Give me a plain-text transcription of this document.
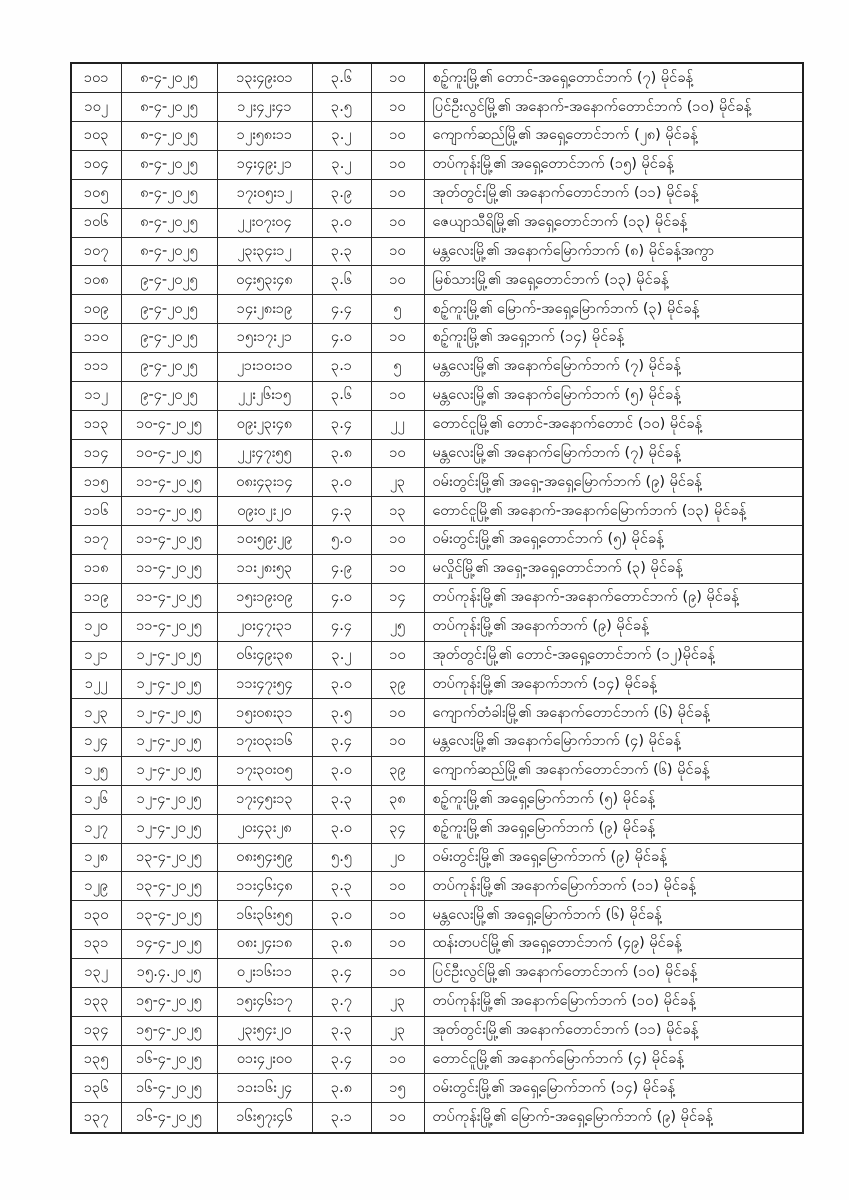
၁၀၁	၈-၄-၂၀၂၅	၁၃း၄၉း၀၁	၃.၆	၁၀	စဉ့်ကူးမြို့၏ တောင်-အရှေ့တောင်ဘက် (၇) မိုင်ခန့်
၁၀၂	၈-၄-၂၀၂၅	၁၂း၄၂း၄၁	၃.၅	၁၀	ပြင်ဦးလွင်မြို့၏ အနောက်-အနောက်တောင်ဘက် (၁၀) မိုင်ခန့်
၁၀၃	၈-၄-၂၀၂၅	၁၂း၅၈း၁၁	၃.၂	၁၀	ကျောက်ဆည်မြို့၏ အရှေ့တောင်ဘက် (၂၈) မိုင်ခန့်
၁၀၄	၈-၄-၂၀၂၅	၁၄း၄၉း၂၁	၃.၂	၁၀	တပ်ကုန်းမြို့၏ အရှေ့တောင်ဘက် (၁၅) မိုင်ခန့်
၁၀၅	၈-၄-၂၀၂၅	၁၇း၀၅း၁၂	၃.၉	၁၀	အုတ်တွင်းမြို့၏ အနောက်တောင်ဘက် (၁၁) မိုင်ခန့်
၁၀၆	၈-၄-၂၀၂၅	၂၂း၀၇း၀၄	၃.၀	၁၀	ဇေယျာသီရိမြို့၏ အရှေ့တောင်ဘက် (၁၃) မိုင်ခန့်
၁၀၇	၈-၄-၂၀၂၅	၂၃း၃၄း၁၂	၃.၃	၁၀	မန္တလေးမြို့၏ အနောက်မြောက်ဘက် (၈) မိုင်ခန့်အကွာ
၁၀၈	၉-၄-၂၀၂၅	၀၄း၅၃း၄၈	၃.၆	၁၀	မြစ်သားမြို့၏ အရှေ့တောင်ဘက် (၁၃) မိုင်ခန့်
၁၀၉	၉-၄-၂၀၂၅	၁၄း၂၈း၁၉	၄.၄	၅	စဉ့်ကူးမြို့၏ မြောက်-အရှေ့မြောက်ဘက် (၃) မိုင်ခန့်
၁၁၀	၉-၄-၂၀၂၅	၁၅း၁၇း၂၁	၄.၀	၁၀	စဉ့်ကူးမြို့၏ အရှေ့ဘက် (၁၄) မိုင်ခန့်
၁၁၁	၉-၄-၂၀၂၅	၂၁း၁၀း၁၀	၃.၁	၅	မန္တလေးမြို့၏ အနောက်မြောက်ဘက် (၇) မိုင်ခန့်
၁၁၂	၉-၄-၂၀၂၅	၂၂း၂၆း၁၅	၃.၆	၁၀	မန္တလေးမြို့၏ အနောက်မြောက်ဘက် (၅) မိုင်ခန့်
၁၁၃	၁၀-၄-၂၀၂၅	၀၉း၂၃း၄၈	၃.၄	၂၂	တောင်ငူမြို့၏ တောင်-အနောက်တောင် (၁၀) မိုင်ခန့်
၁၁၄	၁၀-၄-၂၀၂၅	၂၂း၄၇း၅၅	၃.၈	၁၀	မန္တလေးမြို့၏ အနောက်မြောက်ဘက် (၇) မိုင်ခန့်
၁၁၅	၁၁-၄-၂၀၂၅	၀၈း၄၃း၁၄	၃.၀	၂၃	ဝမ်းတွင်းမြို့၏ အရှေ့-အရှေ့မြောက်ဘက် (၉) မိုင်ခန့်
၁၁၆	၁၁-၄-၂၀၂၅	၀၉း၀၂း၂၀	၄.၃	၁၃	တောင်ငူမြို့၏ အနောက်-အနောက်မြောက်ဘက် (၁၃) မိုင်ခန့်
၁၁၇	၁၁-၄-၂၀၂၅	၁၀း၅၉း၂၉	၅.၀	၁၀	ဝမ်းတွင်းမြို့၏ အရှေ့တောင်ဘက် (၅) မိုင်ခန့်
၁၁၈	၁၁-၄-၂၀၂၅	၁၁း၂၈း၅၃	၄.၉	၁၀	မလှိုင်မြို့၏ အရှေ့-အရှေ့တောင်ဘက် (၃) မိုင်ခန့်
၁၁၉	၁၁-၄-၂၀၂၅	၁၅း၁၉း၀၉	၄.၀	၁၄	တပ်ကုန်းမြို့၏ အနောက်-အနောက်တောင်ဘက် (၉) မိုင်ခန့်
၁၂၀	၁၁-၄-၂၀၂၅	၂၀း၄၇း၃၁	၄.၄	၂၅	တပ်ကုန်းမြို့၏ အနောက်ဘက် (၉) မိုင်ခန့်
၁၂၁	၁၂-၄-၂၀၂၅	၀၆း၄၉း၃၈	၃.၂	၁၀	အုတ်တွင်းမြို့၏ တောင်-အရှေ့တောင်ဘက် (၁၂)မိုင်ခန့်
၁၂၂	၁၂-၄-၂၀၂၅	၁၁း၄၇း၅၄	၃.၀	၃၉	တပ်ကုန်းမြို့၏ အနောက်ဘက် (၁၄) မိုင်ခန့်
၁၂၃	၁၂-၄-၂၀၂၅	၁၅း၀၈း၃၁	၃.၅	၁၀	ကျောက်တံခါးမြို့၏ အနောက်တောင်ဘက် (၆) မိုင်ခန့်
၁၂၄	၁၂-၄-၂၀၂၅	၁၇း၀၃း၁၆	၃.၄	၁၀	မန္တလေးမြို့၏ အနောက်မြောက်ဘက် (၄) မိုင်ခန့်
၁၂၅	၁၂-၄-၂၀၂၅	၁၇း၃၀း၀၅	၃.၀	၃၉	ကျောက်ဆည်မြို့၏ အနောက်တောင်ဘက် (၆) မိုင်ခန့်
၁၂၆	၁၂-၄-၂၀၂၅	၁၇း၄၅း၁၃	၃.၃	၃၈	စဉ့်ကူးမြို့၏ အရှေ့မြောက်ဘက် (၅) မိုင်ခန့်
၁၂၇	၁၂-၄-၂၀၂၅	၂၀း၄၃း၂၈	၃.၀	၃၄	စဉ့်ကူးမြို့၏ အရှေ့မြောက်ဘက် (၉) မိုင်ခန့်
၁၂၈	၁၃-၄-၂၀၂၅	၀၈း၅၄း၅၉	၅.၅	၂၀	ဝမ်းတွင်းမြို့၏ အရှေ့မြောက်ဘက် (၉) မိုင်ခန့်
၁၂၉	၁၃-၄-၂၀၂၅	၁၁း၄၆း၄၈	၃.၃	၁၀	တပ်ကုန်းမြို့၏ အနောက်မြောက်ဘက် (၁၁) မိုင်ခန့်
၁၃၀	၁၃-၄-၂၀၂၅	၁၆း၃၆း၅၅	၃.၀	၁၀	မန္တလေးမြို့၏ အရှေ့မြောက်ဘက် (၆) မိုင်ခန့်
၁၃၁	၁၄-၄-၂၀၂၅	၀၈း၂၄း၁၈	၃.၈	၁၀	ထန်းတပင်မြို့၏ အရှေ့တောင်ဘက် (၄၉) မိုင်ခန့်
၁၃၂	၁၅.၄.၂၀၂၅	၀၂း၁၆း၁၁	၃.၄	၁၀	ပြင်ဦးလွင်မြို့၏ အနောက်တောင်ဘက် (၁၀) မိုင်ခန့်
၁၃၃	၁၅-၄-၂၀၂၅	၁၅း၄၆း၁၇	၃.၇	၂၃	တပ်ကုန်းမြို့၏ အနောက်မြောက်ဘက် (၁၀) မိုင်ခန့်
၁၃၄	၁၅-၄-၂၀၂၅	၂၃း၅၄း၂၀	၃.၃	၂၃	အုတ်တွင်းမြို့၏ အနောက်တောင်ဘက် (၁၁) မိုင်ခန့်
၁၃၅	၁၆-၄-၂၀၂၅	၀၁း၄၂း၀၀	၃.၄	၁၀	တောင်ငူမြို့၏ အနောက်မြောက်ဘက် (၄) မိုင်ခန့်
၁၃၆	၁၆-၄-၂၀၂၅	၁၁း၁၆း၂၄	၃.၈	၁၅	ဝမ်းတွင်းမြို့၏ အရှေ့မြောက်ဘက် (၁၄) မိုင်ခန့်
၁၃၇	၁၆-၄-၂၀၂၅	၁၆း၅၇း၄၆	၃.၁	၁၀	တပ်ကုန်းမြို့၏ မြောက်-အရှေ့မြောက်ဘက် (၉) မိုင်ခန့်
